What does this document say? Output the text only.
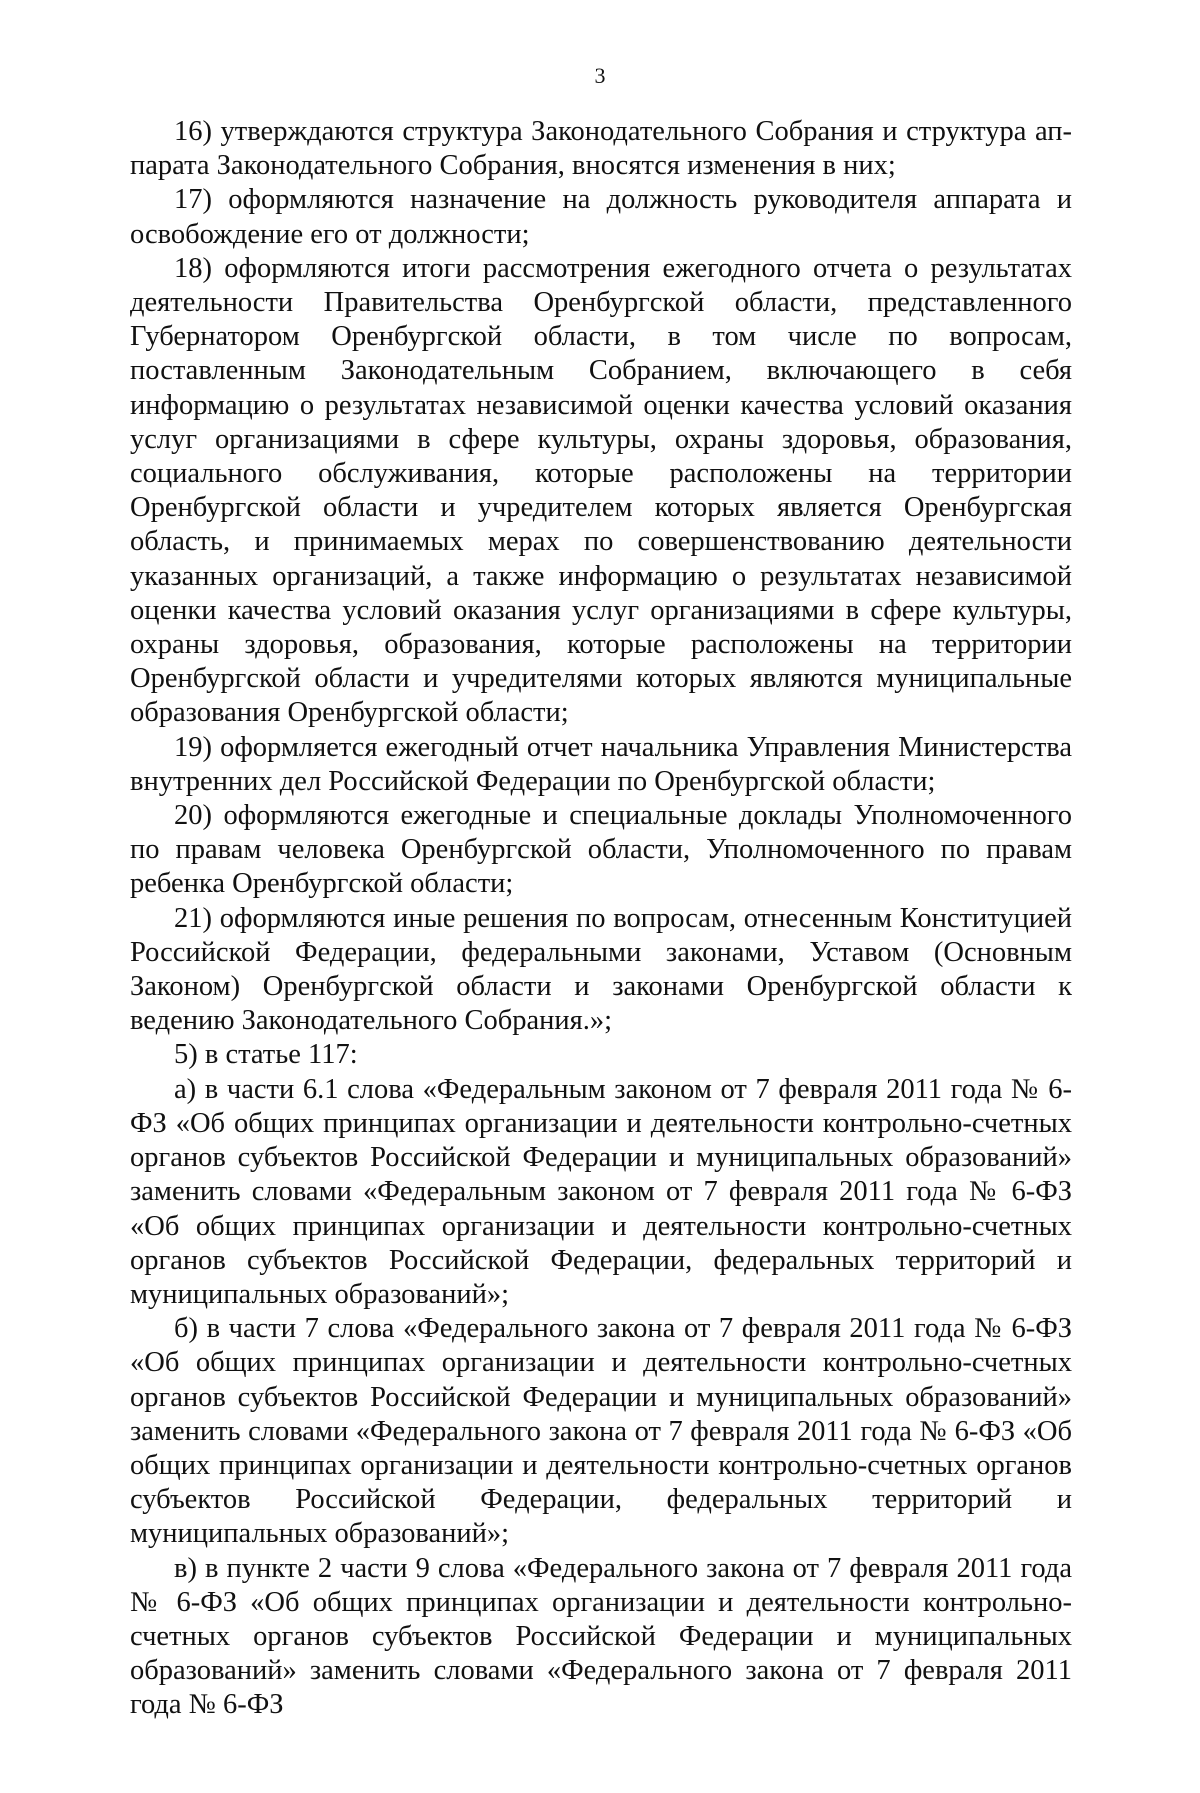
3

16) утверждаются структура Законодательного Собрания и структура аппарата Законодательного Собрания, вносятся изменения в них;

17) оформляются назначение на должность руководителя аппарата и освобождение его от должности;

18) оформляются итоги рассмотрения ежегодного отчета о результатах деятельности Правительства Оренбургской области, представленного Губернатором Оренбургской области, в том числе по вопросам, поставленным Законодательным Собранием, включающего в себя информацию о результатах независимой оценки качества условий оказания услуг организациями в сфере культуры, охраны здоровья, образования, социального обслуживания, которые расположены на территории Оренбургской области и учредителем которых является Оренбургская область, и принимаемых мерах по совершенствованию деятельности указанных организаций, а также информацию о результатах независимой оценки качества условий оказания услуг организациями в сфере культуры, охраны здоровья, образования, которые расположены на территории Оренбургской области и учредителями которых являются муниципальные образования Оренбургской области;

19) оформляется ежегодный отчет начальника Управления Министерства внутренних дел Российской Федерации по Оренбургской области;

20) оформляются ежегодные и специальные доклады Уполномоченного по правам человека Оренбургской области, Уполномоченного по правам ребенка Оренбургской области;

21) оформляются иные решения по вопросам, отнесенным Конституцией Российской Федерации, федеральными законами, Уставом (Основным Законом) Оренбургской области и законами Оренбургской области к ведению Законодательного Собрания.»;

5) в статье 117:

а) в части 6.1 слова «Федеральным законом от 7 февраля 2011 года № 6-ФЗ «Об общих принципах организации и деятельности контрольно-счетных органов субъектов Российской Федерации и муниципальных образований» заменить словами «Федеральным законом от 7 февраля 2011 года № 6-ФЗ «Об общих принципах организации и деятельности контрольно-счетных органов субъектов Российской Федерации, федеральных территорий и муниципальных образований»;

б) в части 7 слова «Федерального закона от 7 февраля 2011 года № 6-ФЗ «Об общих принципах организации и деятельности контрольно-счетных органов субъектов Российской Федерации и муниципальных образований» заменить словами «Федерального закона от 7 февраля 2011 года № 6-ФЗ «Об общих принципах организации и деятельности контрольно-счетных органов субъектов Российской Федерации, федеральных территорий и муниципальных образований»;

в) в пункте 2 части 9 слова «Федерального закона от 7 февраля 2011 года № 6-ФЗ «Об общих принципах организации и деятельности контрольно-счетных органов субъектов Российской Федерации и муниципальных образований» заменить словами «Федерального закона от 7 февраля 2011 года № 6-ФЗ
